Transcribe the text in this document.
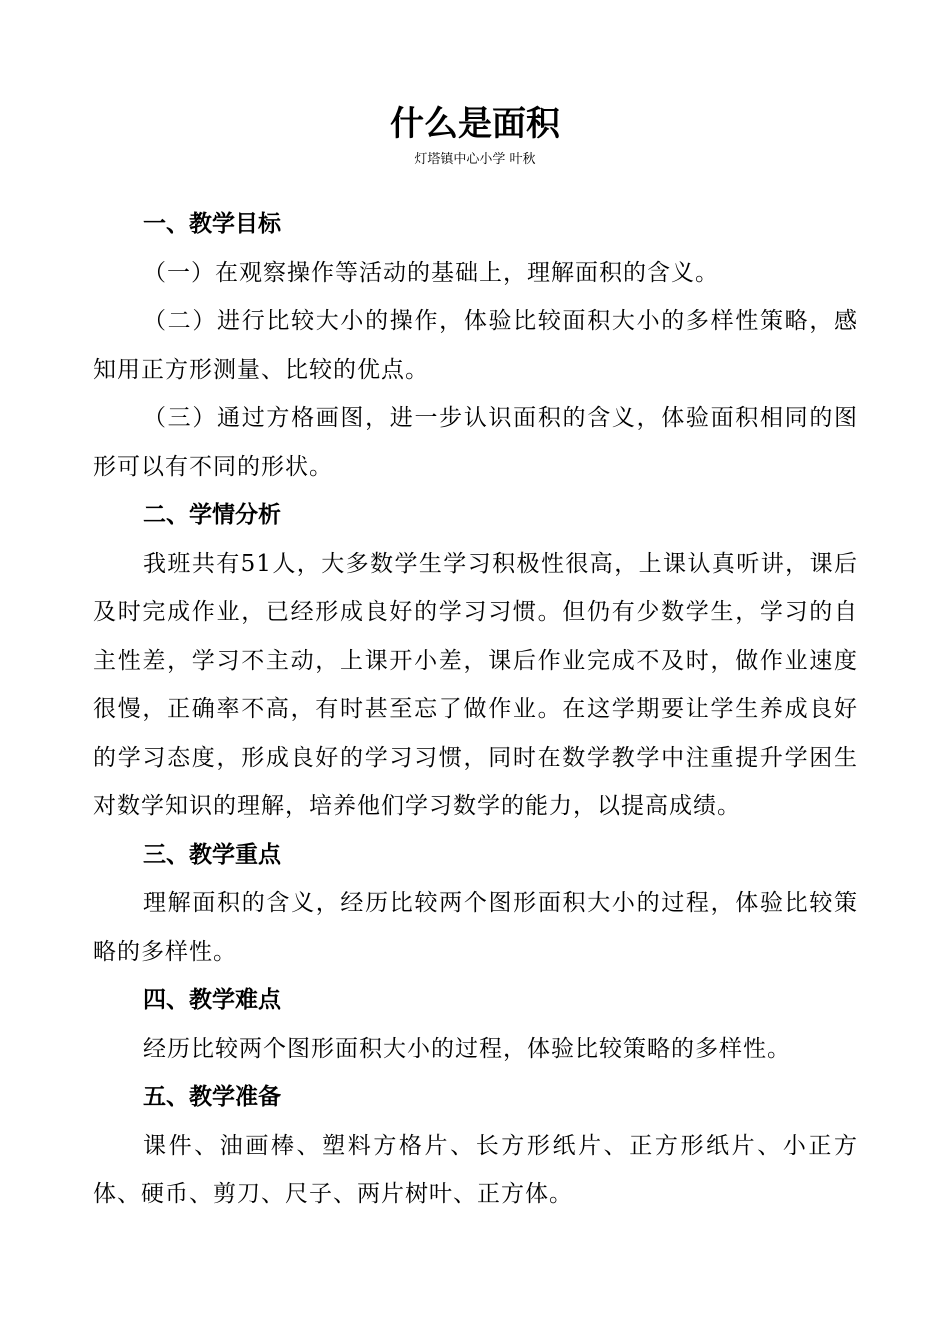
什么是面积
灯塔镇中心小学 叶秋
一、教学目标
（一）在观察操作等活动的基础上，理解面积的含义。
（二）进行比较大小的操作，体验比较面积大小的多样性策略，感知用正方形测量、比较的优点。
（三）通过方格画图，进一步认识面积的含义，体验面积相同的图形可以有不同的形状。
二、学情分析
我班共有51人，大多数学生学习积极性很高，上课认真听讲，课后及时完成作业，已经形成良好的学习习惯。但仍有少数学生，学习的自主性差，学习不主动，上课开小差，课后作业完成不及时，做作业速度很慢，正确率不高，有时甚至忘了做作业。在这学期要让学生养成良好的学习态度，形成良好的学习习惯，同时在数学教学中注重提升学困生对数学知识的理解，培养他们学习数学的能力，以提高成绩。
三、教学重点
理解面积的含义，经历比较两个图形面积大小的过程，体验比较策略的多样性。
四、教学难点
经历比较两个图形面积大小的过程，体验比较策略的多样性。
五、教学准备
课件、油画棒、塑料方格片、长方形纸片、正方形纸片、小正方体、硬币、剪刀、尺子、两片树叶、正方体。
